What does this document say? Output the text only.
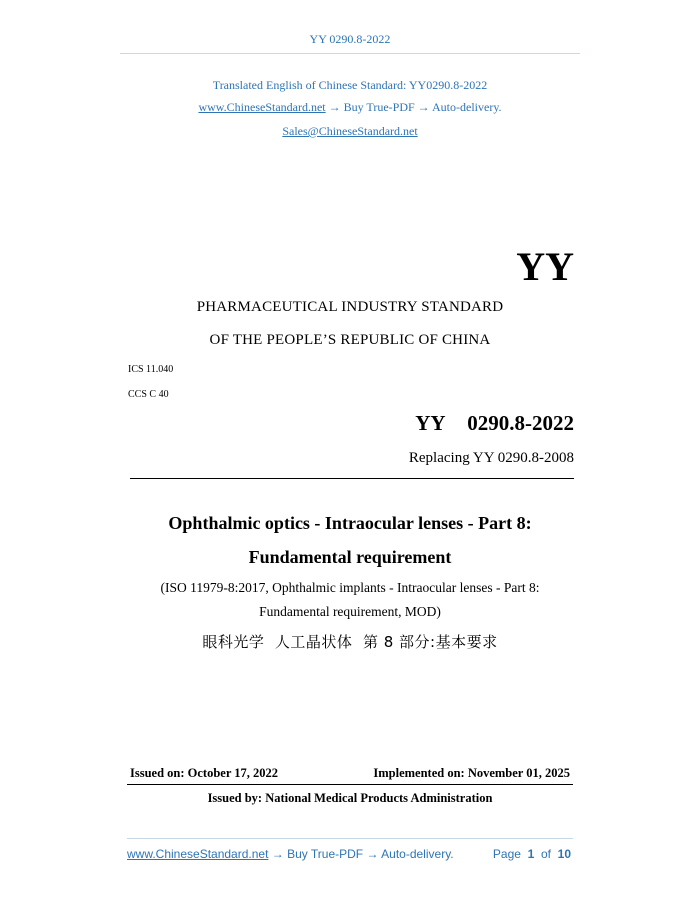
YY 0290.8-2022
Translated English of Chinese Standard: YY0290.8-2022
www.ChineseStandard.net → Buy True-PDF → Auto-delivery.
Sales@ChineseStandard.net
YY
PHARMACEUTICAL INDUSTRY STANDARD
OF THE PEOPLE’S REPUBLIC OF CHINA
ICS 11.040
CCS C 40
YY  0290.8-2022
Replacing YY 0290.8-2008
Ophthalmic optics - Intraocular lenses - Part 8:
Fundamental requirement
(ISO 11979-8:2017, Ophthalmic implants - Intraocular lenses - Part 8:
Fundamental requirement, MOD)
眼科光学  人工晶状体  第 8 部分:基本要求
Issued on: October 17, 2022	Implemented on: November 01, 2025
Issued by: National Medical Products Administration
www.ChineseStandard.net → Buy True-PDF → Auto-delivery.	Page 1 of 10
